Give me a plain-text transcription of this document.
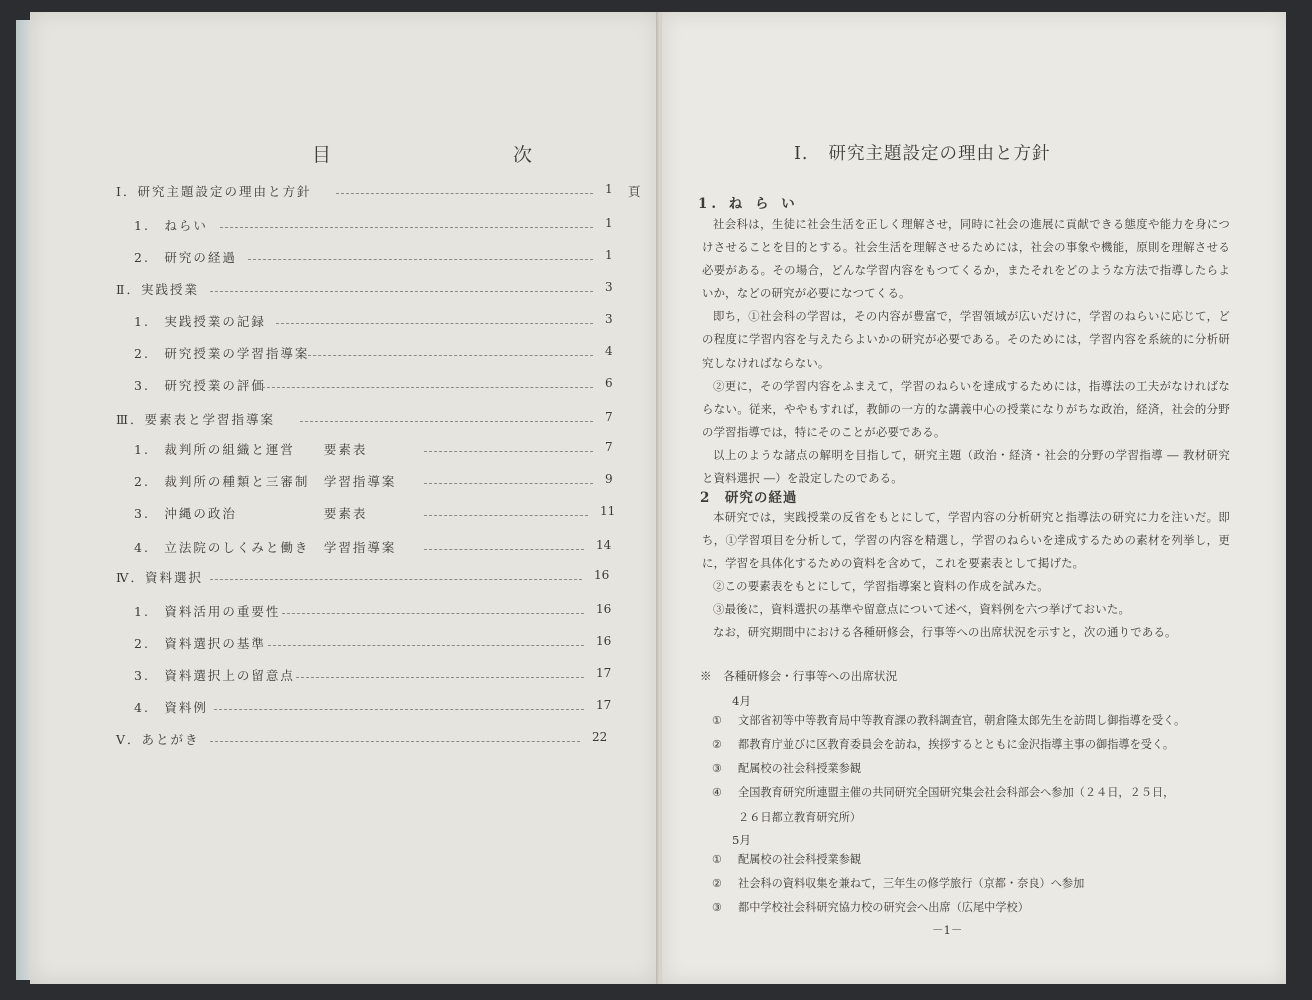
目 次
Ⅰ．研究主題設定の理由と方針	1 頁
1.　ねらい	1
2.　研究の経過	1
Ⅱ．実践授業	3
1.　実践授業の記録	3
2.　研究授業の学習指導案	4
3.　研究授業の評価	6
Ⅲ．要素表と学習指導案	7
1.　裁判所の組織と運営　　要素表	7
2.　裁判所の種類と三審制　学習指導案	9
3.　沖縄の政治　　　　　　要素表	11
4.　立法院のしくみと働き　学習指導案	14
Ⅳ．資料選択	16
1.　資料活用の重要性	16
2.　資料選択の基準	16
3.　資料選択上の留意点	17
4.　資料例	17
Ⅴ．あとがき	22
Ⅰ. 研究主題設定の理由と方針
1. ね ら い
社会科は，生徒に社会生活を正しく理解させ，同時に社会の進展に貢献できる態度や能力を身につけさせることを目的とする。社会生活を理解させるためには，社会の事象や機能，原則を理解させる必要がある。その場合，どんな学習内容をもつてくるか，またそれをどのような方法で指導したらよいか，などの研究が必要になつてくる。
即ち，①社会科の学習は，その内容が豊富で，学習領域が広いだけに，学習のねらいに応じて，どの程度に学習内容を与えたらよいかの研究が必要である。そのためには，学習内容を系統的に分析研究しなければならない。
②更に，その学習内容をふまえて，学習のねらいを達成するためには，指導法の工夫がなければならない。従来，ややもすれば，教師の一方的な講義中心の授業になりがちな政治，経済，社会的分野の学習指導では，特にそのことが必要である。
以上のような諸点の解明を目指して，研究主題（政治・経済・社会的分野の学習指導 ― 教材研究と資料選択 ―）を設定したのである。
2　研究の経過
本研究では，実践授業の反省をもとにして，学習内容の分析研究と指導法の研究に力を注いだ。即ち，①学習項目を分析して，学習の内容を精選し，学習のねらいを達成するための素材を列挙し，更に，学習を具体化するための資料を含めて，これを要素表として掲げた。
②この要素表をもとにして，学習指導案と資料の作成を試みた。
③最後に，資料選択の基準や留意点について述べ，資料例を六つ挙げておいた。
なお，研究期間中における各種研修会，行事等への出席状況を示すと，次の通りである。
※　各種研修会・行事等への出席状況
4月
① 文部省初等中等教育局中等教育課の教科調査官，朝倉隆太郎先生を訪問し御指導を受く。
② 都教育庁並びに区教育委員会を訪ね，挨拶するとともに金沢指導主事の御指導を受く。
③ 配属校の社会科授業参観
④ 全国教育研究所連盟主催の共同研究全国研究集会社会科部会へ参加（２４日，２５日，
２６日都立教育研究所）
5月
① 配属校の社会科授業参観
② 社会科の資料収集を兼ねて，三年生の修学旅行（京都・奈良）へ参加
③ 都中学校社会科研究協力校の研究会へ出席（広尾中学校）
－1－
